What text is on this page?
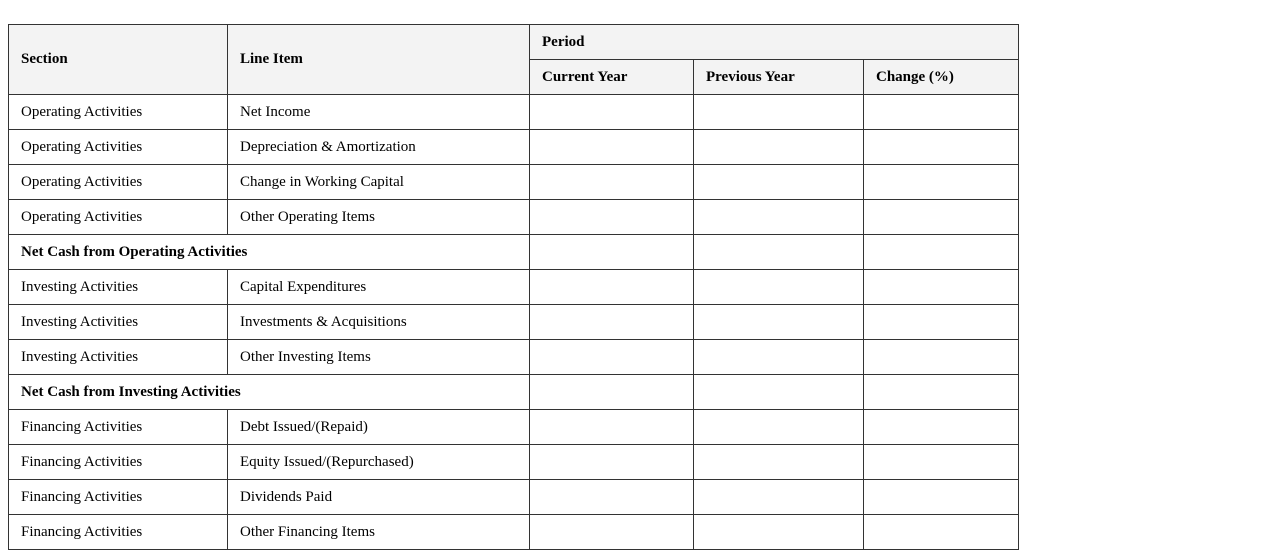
Section	Line Item	Period		
		Current Year	Previous Year	Change (%)
Operating Activities	Net Income			
Operating Activities	Depreciation & Amortization			
Operating Activities	Change in Working Capital			
Operating Activities	Other Operating Items			
Net Cash from Operating Activities				
Investing Activities	Capital Expenditures			
Investing Activities	Investments & Acquisitions			
Investing Activities	Other Investing Items			
Net Cash from Investing Activities				
Financing Activities	Debt Issued/(Repaid)			
Financing Activities	Equity Issued/(Repurchased)			
Financing Activities	Dividends Paid			
Financing Activities	Other Financing Items			
